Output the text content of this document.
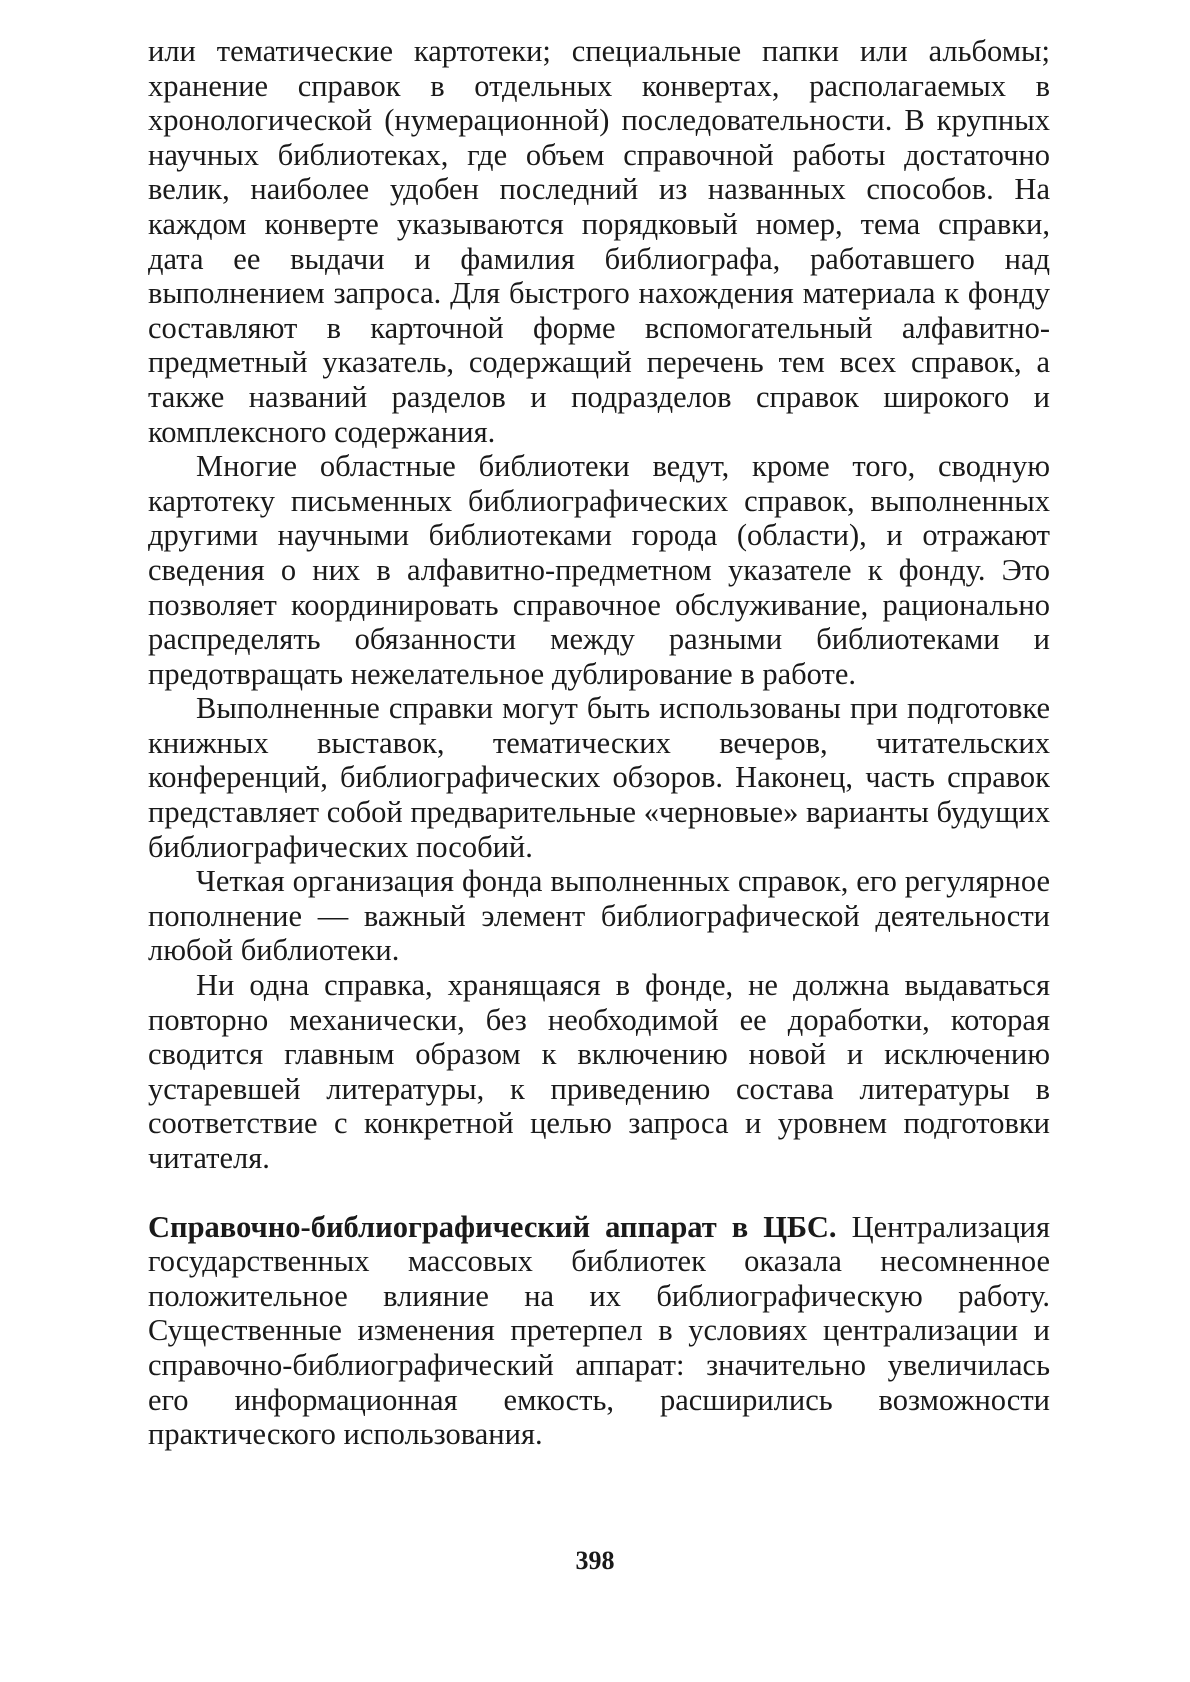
или тематические картотеки; специальные папки или альбомы; хранение справок в отдельных конвертах, располагаемых в хронологической (нумерационной) последовательности. В крупных научных библиотеках, где объем справочной работы достаточно велик, наиболее удобен последний из названных способов. На каждом конверте указываются порядковый номер, тема справки, дата ее выдачи и фамилия библиографа, работавшего над выполнением запроса. Для быстрого нахождения материала к фонду составляют в карточной форме вспомогательный алфавитно-предметный указатель, содержащий перечень тем всех справок, а также названий разделов и подразделов справок широкого и комплексного содержания.

Многие областные библиотеки ведут, кроме того, сводную картотеку письменных библиографических справок, выполненных другими научными библиотеками города (области), и отражают сведения о них в алфавитно-предметном указателе к фонду. Это позволяет координировать справочное обслуживание, рационально распределять обязанности между разными библиотеками и предотвращать нежелательное дублирование в работе.

Выполненные справки могут быть использованы при подготовке книжных выставок, тематических вечеров, читательских конференций, библиографических обзоров. Наконец, часть справок представляет собой предварительные «черновые» варианты будущих библиографических пособий.

Четкая организация фонда выполненных справок, его регулярное пополнение — важный элемент библиографической деятельности любой библиотеки.

Ни одна справка, хранящаяся в фонде, не должна выдаваться повторно механически, без необходимой ее доработки, которая сводится главным образом к включению новой и исключению устаревшей литературы, к приведению состава литературы в соответствие с конкретной целью запроса и уровнем подготовки читателя.

Справочно-библиографический аппарат в ЦБС. Централизация государственных массовых библиотек оказала несомненное положительное влияние на их библиографическую работу. Существенные изменения претерпел в условиях централизации и справочно-библиографический аппарат: значительно увеличилась его информационная емкость, расширились возможности практического использования.

398
